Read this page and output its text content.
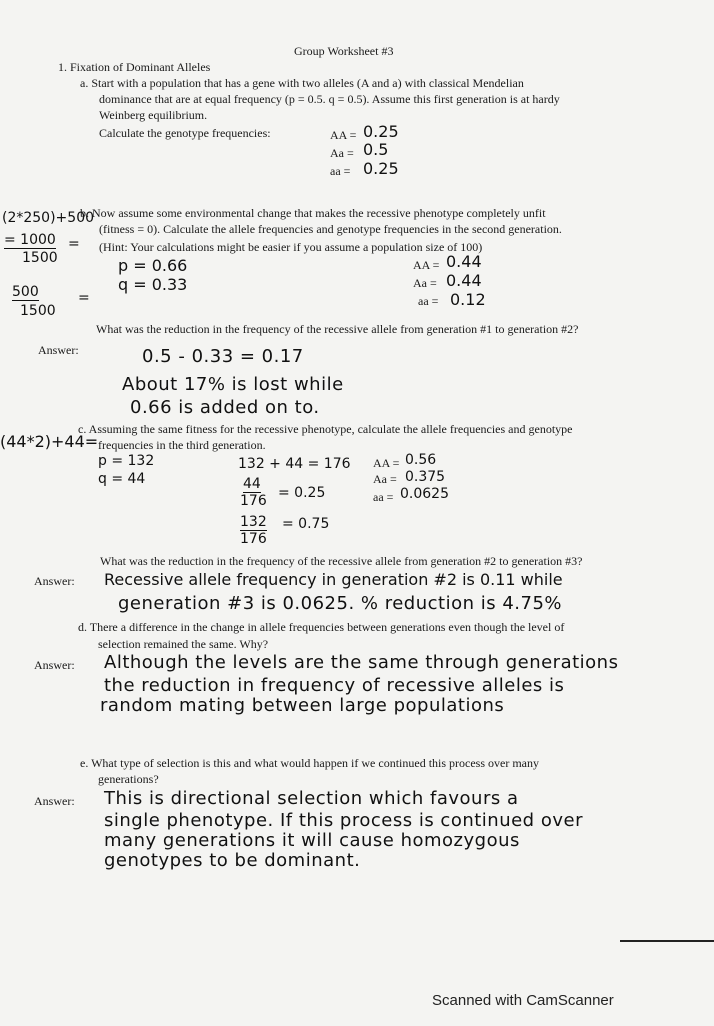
Group Worksheet #3
1. Fixation of Dominant Alleles
a. Start with a population that has a gene with two alleles (A and a) with classical Mendelian
dominance that are at equal frequency (p = 0.5. q = 0.5). Assume this first generation is at hardy
Weinberg equilibrium.
Calculate the genotype frequencies:	AA =
Aa =
aa =
0.25
0.5
0.25
(2*250)+500
= 1000
1500
=
500
1500
=
b. Now assume some environmental change that makes the recessive phenotype completely unfit
(fitness = 0). Calculate the allele frequencies and genotype frequencies in the second generation.
(Hint: Your calculations might be easier if you assume a population size of 100)
p = 0.66
q = 0.33
AA =
Aa =
aa =
0.44
0.44
0.12
What was the reduction in the frequency of the recessive allele from generation #1 to generation #2?
Answer:	0.5 - 0.33 = 0.17
About 17% is lost while
0.66 is added on to.
(44*2)+44=
c. Assuming the same fitness for the recessive phenotype, calculate the allele frequencies and genotype
frequencies in the third generation.
p = 132
q = 44
132 + 44 = 176
44
176 = 0.25
132
176
= 0.75
AA =
Aa =
aa =
0.56
0.375
0.0625
What was the reduction in the frequency of the recessive allele from generation #2 to generation #3?
Answer: Recessive allele frequency in generation #2 is 0.11 while
generation #3 is 0.0625. % reduction is 4.75%
d. There a difference in the change in allele frequencies between generations even though the level of
selection remained the same. Why?
Answer: Although the levels are the same through generations
the reduction in frequency of recessive alleles is
random mating between large populations
e. What type of selection is this and what would happen if we continued this process over many
generations?
Answer: This is directional selection which favours a
single phenotype. If this process is continued over
many generations it will cause homozygous
genotypes to be dominant.
Scanned with CamScanner
